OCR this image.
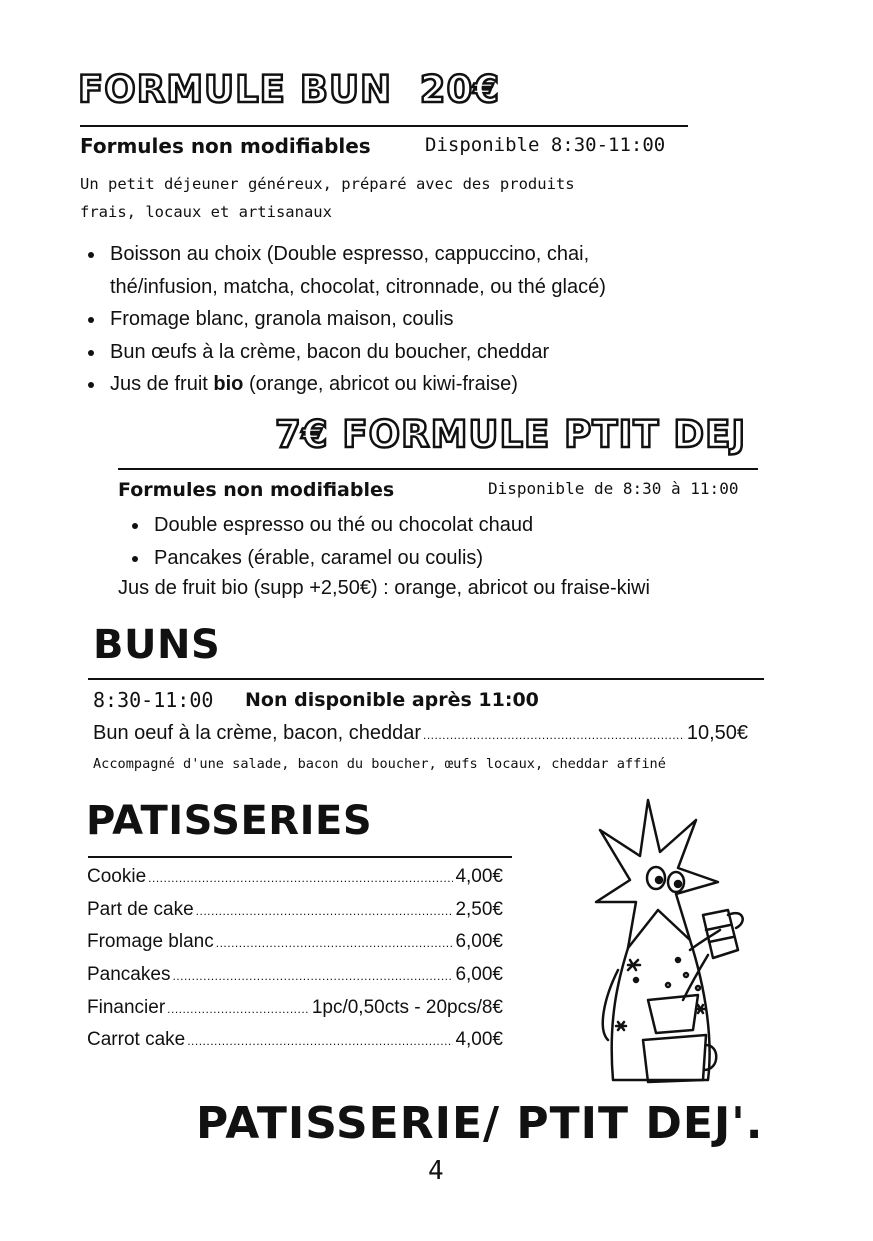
FORMULE BUN  20€
Formules non modifiables	Disponible 8:30-11:00
Un petit déjeuner généreux, préparé avec des produits
frais, locaux et artisanaux
Boisson au choix (Double espresso, cappuccino, chai,
thé/infusion, matcha, chocolat, citronnade, ou thé glacé)
Fromage blanc, granola maison, coulis
Bun œufs à la crème, bacon du boucher, cheddar
Jus de fruit bio (orange, abricot ou kiwi-fraise)
7€ FORMULE PTIT DEJ
Formules non modifiables	Disponible de 8:30 à 11:00
Double espresso ou thé ou chocolat chaud
Pancakes (érable, caramel ou coulis)
Jus de fruit bio (supp +2,50€) : orange, abricot ou fraise-kiwi
BUNS
8:30-11:00 Non disponible après 11:00
Bun oeuf à la crème, bacon, cheddar .....	10,50€
Accompagné d'une salade, bacon du boucher, œufs locaux, cheddar affiné
PATISSERIES
Cookie .....	4,00€
Part de cake .....	2,50€
Fromage blanc .....	6,00€
Pancakes .....	6,00€
Financier .....	1pc/0,50cts - 20pcs/8€
Carrot cake .....	4,00€
PATISSERIE/ PTIT DEJ'.
4
